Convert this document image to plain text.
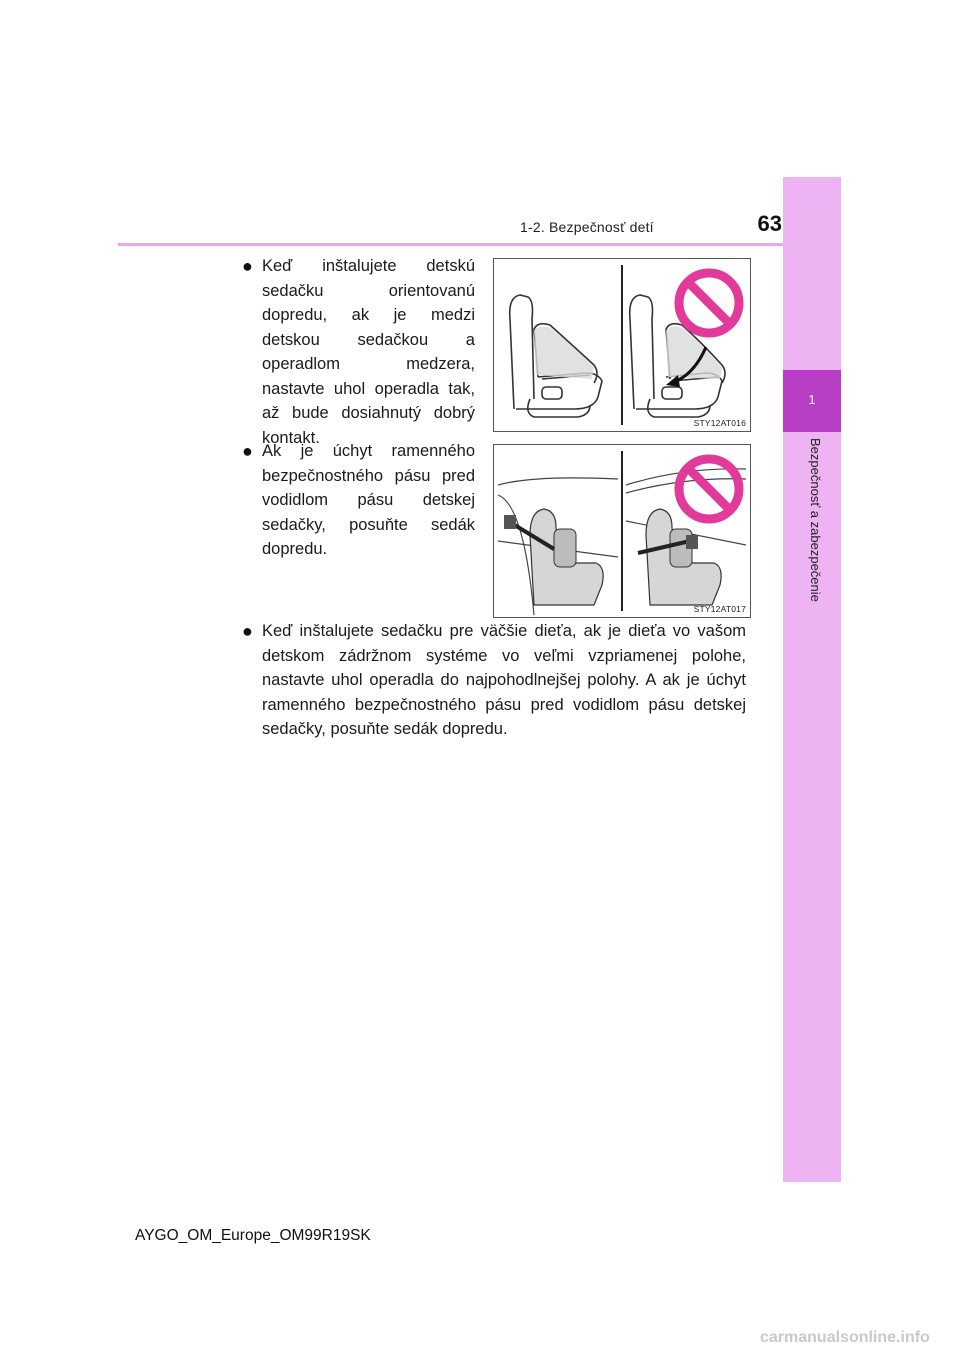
1-2. Bezpečnosť detí	63
1
Bezpečnosť a zabezpečenie
● Keď inštalujete detskú sedačku orientovanú dopredu, ak je medzi detskou sedačkou a operadlom medzera, nastavte uhol operadla tak, až bude dosiahnutý dobrý kontakt.
STY12AT016
● Ak je úchyt ramenného bezpečnostného pásu pred vodidlom pásu detskej sedačky, posuňte sedák dopredu.
STY12AT017
● Keď inštalujete sedačku pre väčšie dieťa, ak je dieťa vo vašom detskom zádržnom systéme vo veľmi vzpriamenej polohe, nastavte uhol operadla do najpohodlnejšej polohy. A ak je úchyt ramenného bezpečnostného pásu pred vodidlom pásu detskej sedačky, posuňte sedák dopredu.
AYGO_OM_Europe_OM99R19SK
carmanualsonline.info
